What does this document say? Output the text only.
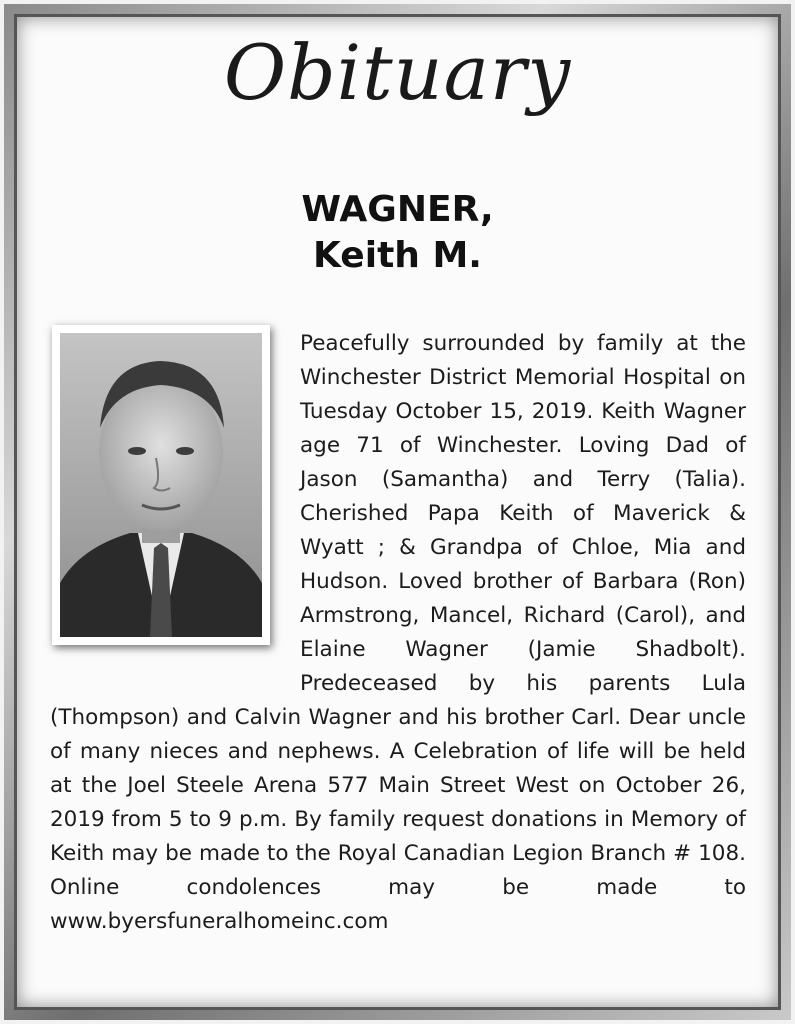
Obituary
WAGNER,
Keith M.

Peacefully surrounded by family at the Winchester District Memorial Hospital on Tuesday October 15, 2019. Keith Wagner age 71 of Winchester. Loving Dad of Jason (Samantha) and Terry (Talia). Cherished Papa Keith of Maverick & Wyatt ; & Grandpa of Chloe, Mia and Hudson. Loved brother of Barbara (Ron) Armstrong, Mancel, Richard (Carol), and Elaine Wagner (Jamie Shadbolt). Predeceased by his parents Lula (Thompson) and Calvin Wagner and his brother Carl. Dear uncle of many nieces and nephews. A Celebration of life will be held at the Joel Steele Arena 577 Main Street West on October 26, 2019 from 5 to 9 p.m. By family request donations in Memory of Keith may be made to the Royal Canadian Legion Branch # 108. Online condolences may be made to www.byersfuneralhomeinc.com
